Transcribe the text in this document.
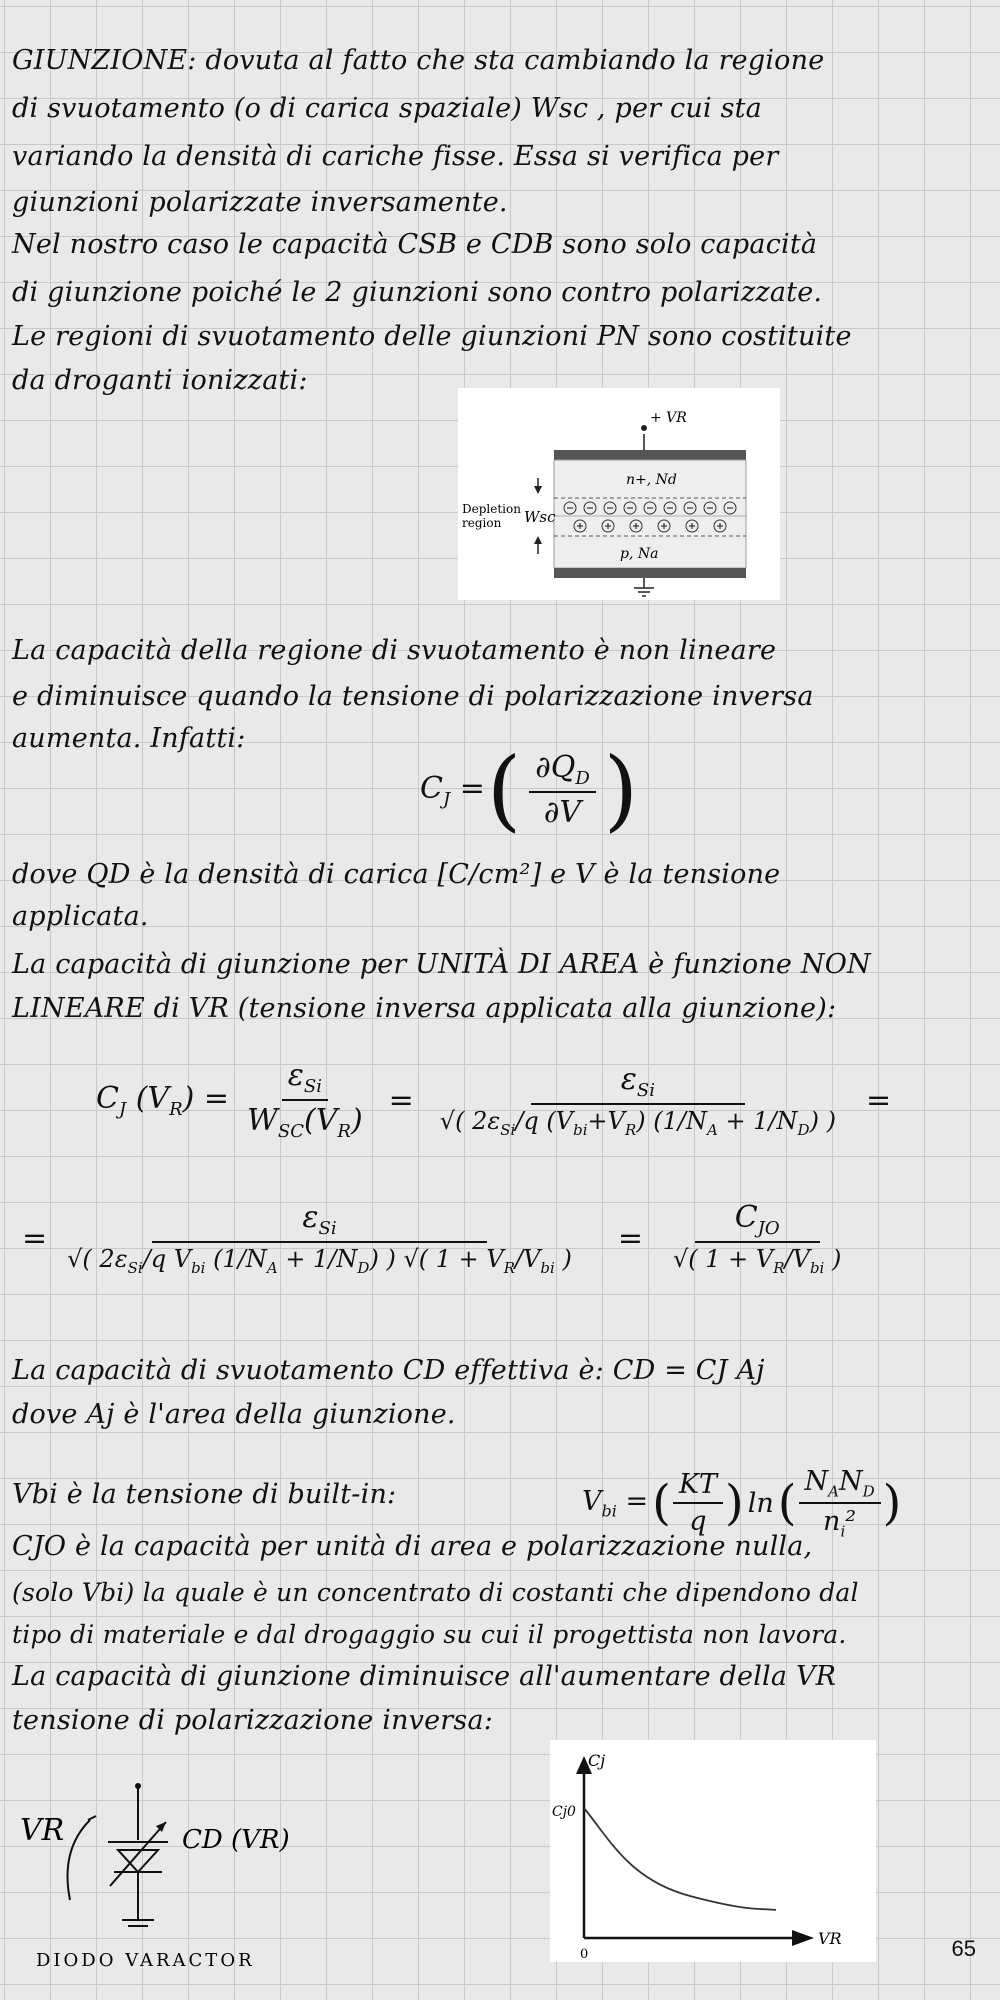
GIUNZIONE: dovuta al fatto che sta cambiando la regione
di svuotamento (o di carica spaziale) Wsc , per cui sta
variando la densità di cariche fisse. Essa si verifica per
giunzioni polarizzate inversamente.
Nel nostro caso le capacità CSB e CDB sono solo capacità
di giunzione poiché le 2 giunzioni sono contro polarizzate.
Le regioni di svuotamento delle giunzioni PN sono costituite
da droganti ionizzati:
+ VR
n+, Nd
p, Na
Depletion
region Wsc
La capacità della regione di svuotamento è non lineare
e diminuisce quando la tensione di polarizzazione inversa
aumenta. Infatti:
$C_J$ = ( $\frac{\partial Q_D}{\partial V}$ )
dove QD è la densità di carica [C/cm²] e V è la tensione
applicata.
La capacità di giunzione per UNITÀ DI AREA è funzione NON
LINEARE di VR (tensione inversa applicata alla giunzione):
$C_J$ $(V_R) = \frac{\varepsilon_{Si}}{W_{SC}(V_R)} = \frac{\varepsilon_{Si}}{√( 2\varepsilon_{Si}/q (V_{bi}+V_R) (1/N_A + 1/N_D) )}$ =
= $\frac{\varepsilon_{Si}}{√( 2\varepsilon_{Si}/q V_{bi} (1/N_A + 1/N_D) ) √( 1 + V_R/V_{bi} )} = \frac{C_{JO}}{√( 1 + V_R/V_{bi} )}$
La capacità di svuotamento CD effettiva è: CD = CJ Aj
dove Aj è l'area della giunzione.
Vbi è la tensione di built-in:	$V_{bi}$ = ( $\frac{KT}{q}$ ) ln ( $\frac{N_AN_D}{n_i^2}$ )
CJO è la capacità per unità di area e polarizzazione nulla,
(solo Vbi) la quale è un concentrato di costanti che dipendono dal
tipo di materiale e dal drogaggio su cui il progettista non lavora.
La capacità di giunzione diminuisce all'aumentare della VR
tensione di polarizzazione inversa:
VR	CD (VR)
DIODO VARACTOR
Cj
Cj0
VR
0	65
